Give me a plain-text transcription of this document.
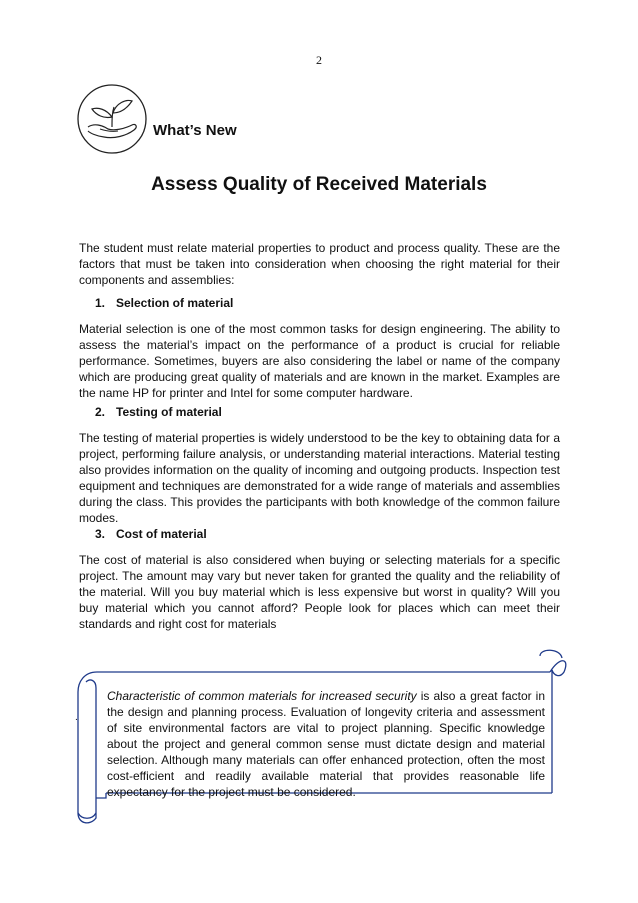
2
What’s New
Assess Quality of Received Materials

The student must relate material properties to product and process quality. These are the factors that must be taken into consideration when choosing the right material for their components and assemblies:

1. Selection of material

Material selection is one of the most common tasks for design engineering. The ability to assess the material’s impact on the performance of a product is crucial for reliable performance. Sometimes, buyers are also considering the label or name of the company which are producing great quality of materials and are known in the market. Examples are the name HP for printer and Intel for some computer hardware.

2. Testing of material

The testing of material properties is widely understood to be the key to obtaining data for a project, performing failure analysis, or understanding material interactions. Material testing also provides information on the quality of incoming and outgoing products. Inspection test equipment and techniques are demonstrated for a wide range of materials and assemblies during the class. This provides the participants with both knowledge of the common failure modes.

3. Cost of material

The cost of material is also considered when buying or selecting materials for a specific project. The amount may vary but never taken for granted the quality and the reliability of the material. Will you buy material which is less expensive but worst in quality? Will you buy material which you cannot afford? People look for places which can meet their standards and right cost for materials

.

Characteristic of common materials for increased security is also a great factor in the design and planning process. Evaluation of longevity criteria and assessment of site environmental factors are vital to project planning. Specific knowledge about the project and general common sense must dictate design and material selection. Although many materials can offer enhanced protection, often the most cost-efficient and readily available material that provides reasonable life expectancy for the project must be considered.
